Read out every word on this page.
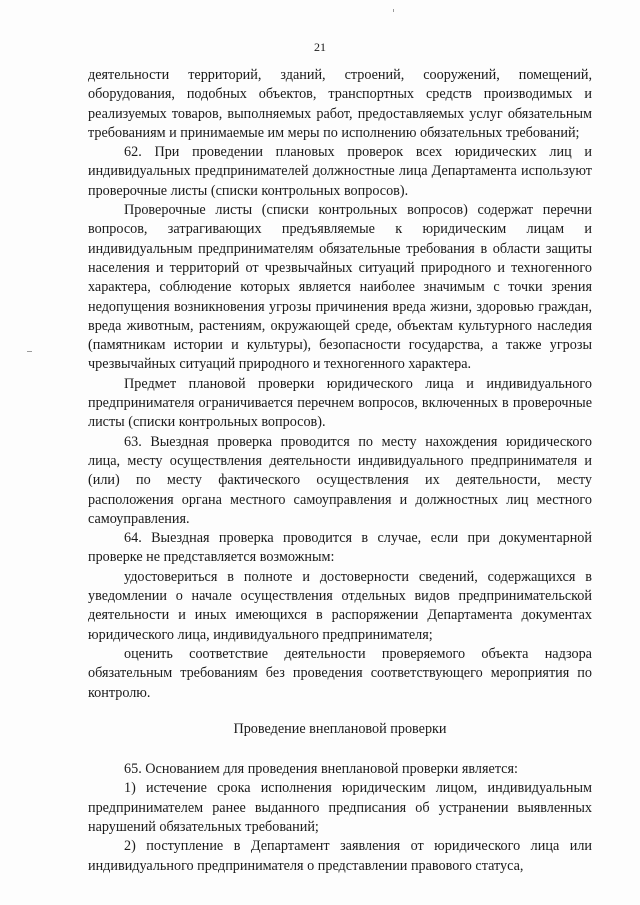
21

деятельности территорий, зданий, строений, сооружений, помещений, оборудования, подобных объектов, транспортных средств производимых и реализуемых товаров, выполняемых работ, предоставляемых услуг обязательным требованиям и принимаемые им меры по исполнению обязательных требований;

62. При проведении плановых проверок всех юридических лиц и индивидуальных предпринимателей должностные лица Департамента используют проверочные листы (списки контрольных вопросов).

Проверочные листы (списки контрольных вопросов) содержат перечни вопросов, затрагивающих предъявляемые к юридическим лицам и индивидуальным предпринимателям обязательные требования в области защиты населения и территорий от чрезвычайных ситуаций природного и техногенного характера, соблюдение которых является наиболее значимым с точки зрения недопущения возникновения угрозы причинения вреда жизни, здоровью граждан, вреда животным, растениям, окружающей среде, объектам культурного наследия (памятникам истории и культуры), безопасности государства, а также угрозы чрезвычайных ситуаций природного и техногенного характера.

Предмет плановой проверки юридического лица и индивидуального предпринимателя ограничивается перечнем вопросов, включенных в проверочные листы (списки контрольных вопросов).

63. Выездная проверка проводится по месту нахождения юридического лица, месту осуществления деятельности индивидуального предпринимателя и (или) по месту фактического осуществления их деятельности, месту расположения органа местного самоуправления и должностных лиц местного самоуправления.

64. Выездная проверка проводится в случае, если при документарной проверке не представляется возможным:

удостовериться в полноте и достоверности сведений, содержащихся в уведомлении о начале осуществления отдельных видов предпринимательской деятельности и иных имеющихся в распоряжении Департамента документах юридического лица, индивидуального предпринимателя;

оценить соответствие деятельности проверяемого объекта надзора обязательным требованиям без проведения соответствующего мероприятия по контролю.

Проведение внеплановой проверки

65. Основанием для проведения внеплановой проверки является:

1) истечение срока исполнения юридическим лицом, индивидуальным предпринимателем ранее выданного предписания об устранении выявленных нарушений обязательных требований;

2) поступление в Департамент заявления от юридического лица или индивидуального предпринимателя о представлении правового статуса,
